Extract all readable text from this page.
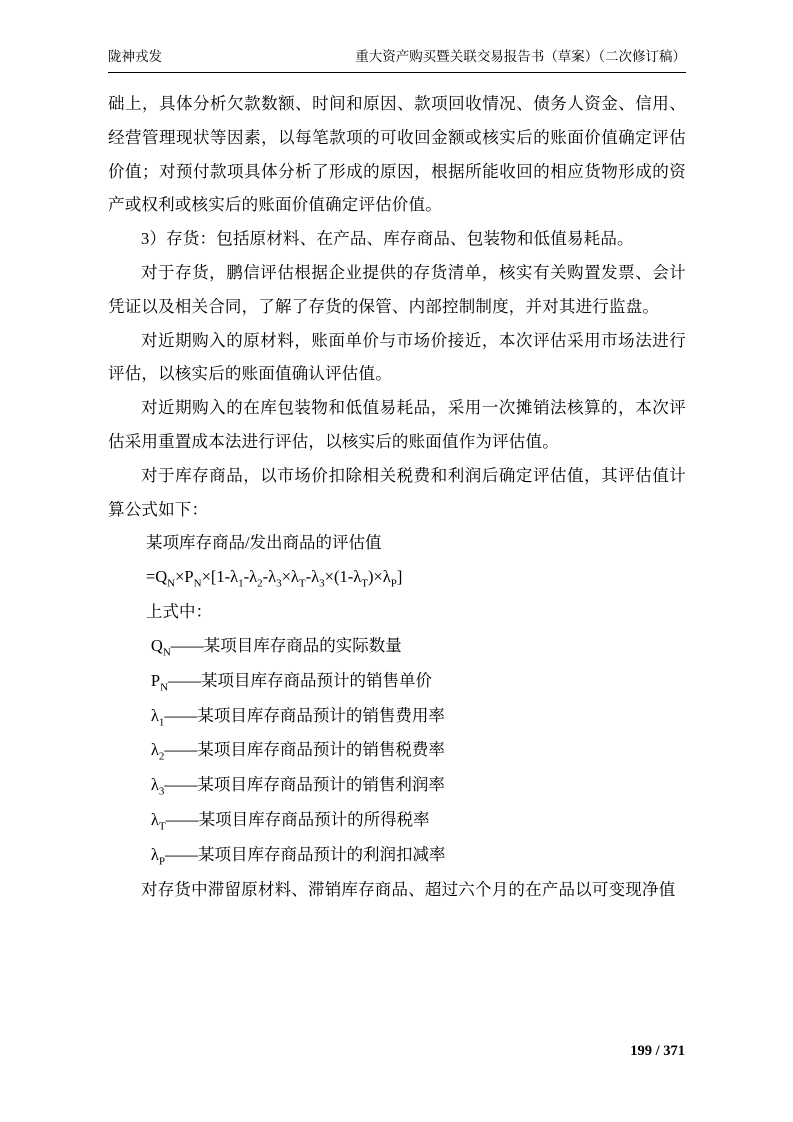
陇神戎发	重大资产购买暨关联交易报告书（草案）（二次修订稿）

础上，具体分析欠款数额、时间和原因、款项回收情况、债务人资金、信用、经营管理现状等因素，以每笔款项的可收回金额或核实后的账面价值确定评估价值；对预付款项具体分析了形成的原因，根据所能收回的相应货物形成的资产或权利或核实后的账面价值确定评估价值。

3）存货：包括原材料、在产品、库存商品、包装物和低值易耗品。

对于存货，鹏信评估根据企业提供的存货清单，核实有关购置发票、会计凭证以及相关合同，了解了存货的保管、内部控制制度，并对其进行监盘。

对近期购入的原材料，账面单价与市场价接近，本次评估采用市场法进行评估，以核实后的账面值确认评估值。

对近期购入的在库包装物和低值易耗品，采用一次摊销法核算的，本次评估采用重置成本法进行评估，以核实后的账面值作为评估值。

对于库存商品，以市场价扣除相关税费和利润后确定评估值，其评估值计算公式如下：

某项库存商品/发出商品的评估值

$=Q_N\times P_N\times[1-\lambda_1-\lambda_2-\lambda_3\times\lambda_T-\lambda_3\times(1-\lambda_T)\times\lambda_P]$

上式中：

$Q_N——$某项目库存商品的实际数量

$P_N——$某项目库存商品预计的销售单价

$\lambda_1——$某项目库存商品预计的销售费用率

$\lambda_2——$某项目库存商品预计的销售税费率

$\lambda_3——$某项目库存商品预计的销售利润率

$\lambda_T——$某项目库存商品预计的所得税率

$\lambda_P——$某项目库存商品预计的利润扣减率

对存货中滞留原材料、滞销库存商品、超过六个月的在产品以可变现净值

199 / 371
